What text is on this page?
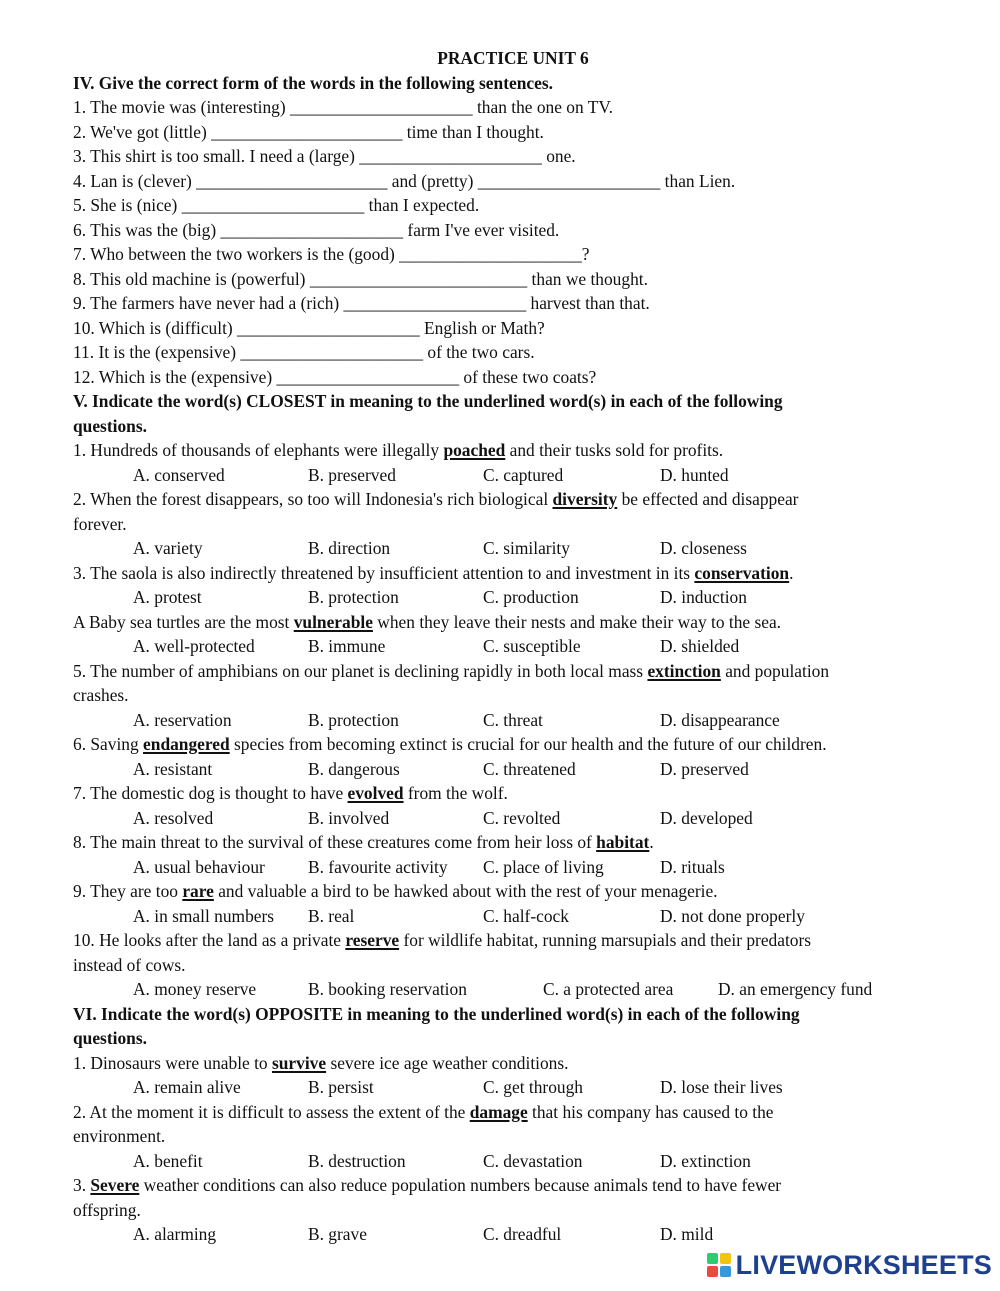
PRACTICE UNIT 6
IV. Give the correct form of the words in the following sentences.
1. The movie was (interesting) _____________________ than the one on TV.
2. We've got (little) ______________________ time than I thought.
3. This shirt is too small. I need a (large) _____________________ one.
4. Lan is (clever) ______________________ and (pretty) _____________________ than Lien.
5. She is (nice) _____________________ than I expected.
6. This was the (big) _____________________ farm I've ever visited.
7. Who between the two workers is the (good) _____________________?
8. This old machine is (powerful) _________________________ than we thought.
9. The farmers have never had a (rich) _____________________ harvest than that.
10. Which is (difficult) _____________________ English or Math?
11. It is the (expensive) _____________________ of the two cars.
12. Which is the (expensive) _____________________ of these two coats?
V. Indicate the word(s) CLOSEST in meaning to the underlined word(s) in each of the following
questions.
1. Hundreds of thousands of elephants were illegally poached and their tusks sold for profits.
A. conserved	B. preserved	C. captured	D. hunted
2. When the forest disappears, so too will Indonesia's rich biological diversity be effected and disappear
forever.
A. variety	B. direction	C. similarity	D. closeness
3. The saola is also indirectly threatened by insufficient attention to and investment in its conservation.
A. protest	B. protection	C. production	D. induction
A Baby sea turtles are the most vulnerable when they leave their nests and make their way to the sea.
A. well-protected	B. immune	C. susceptible	D. shielded
5. The number of amphibians on our planet is declining rapidly in both local mass extinction and population
crashes.
A. reservation	B. protection	C. threat	D. disappearance
6. Saving endangered species from becoming extinct is crucial for our health and the future of our children.
A. resistant	B. dangerous	C. threatened	D. preserved
7. The domestic dog is thought to have evolved from the wolf.
A. resolved	B. involved	C. revolted	D. developed
8. The main threat to the survival of these creatures come from heir loss of habitat.
A. usual behaviour B. favourite activity C. place of living	D. rituals
9. They are too rare and valuable a bird to be hawked about with the rest of your menagerie.
A. in small numbers B. real	C. half-cock	D. not done properly
10. He looks after the land as a private reserve for wildlife habitat, running marsupials and their predators
instead of cows.
A. money reserve	B. booking reservation	C. a protected area	D. an emergency fund
VI. Indicate the word(s) OPPOSITE in meaning to the underlined word(s) in each of the following
questions.
1. Dinosaurs were unable to survive severe ice age weather conditions.
A. remain alive	B. persist	C. get through	D. lose their lives
2. At the moment it is difficult to assess the extent of the damage that his company has caused to the
environment.
A. benefit	B. destruction	C. devastation	D. extinction
3. Severe weather conditions can also reduce population numbers because animals tend to have fewer
offspring.
A. alarming	B. grave	C. dreadful	D. mild
LIVEWORKSHEETS
